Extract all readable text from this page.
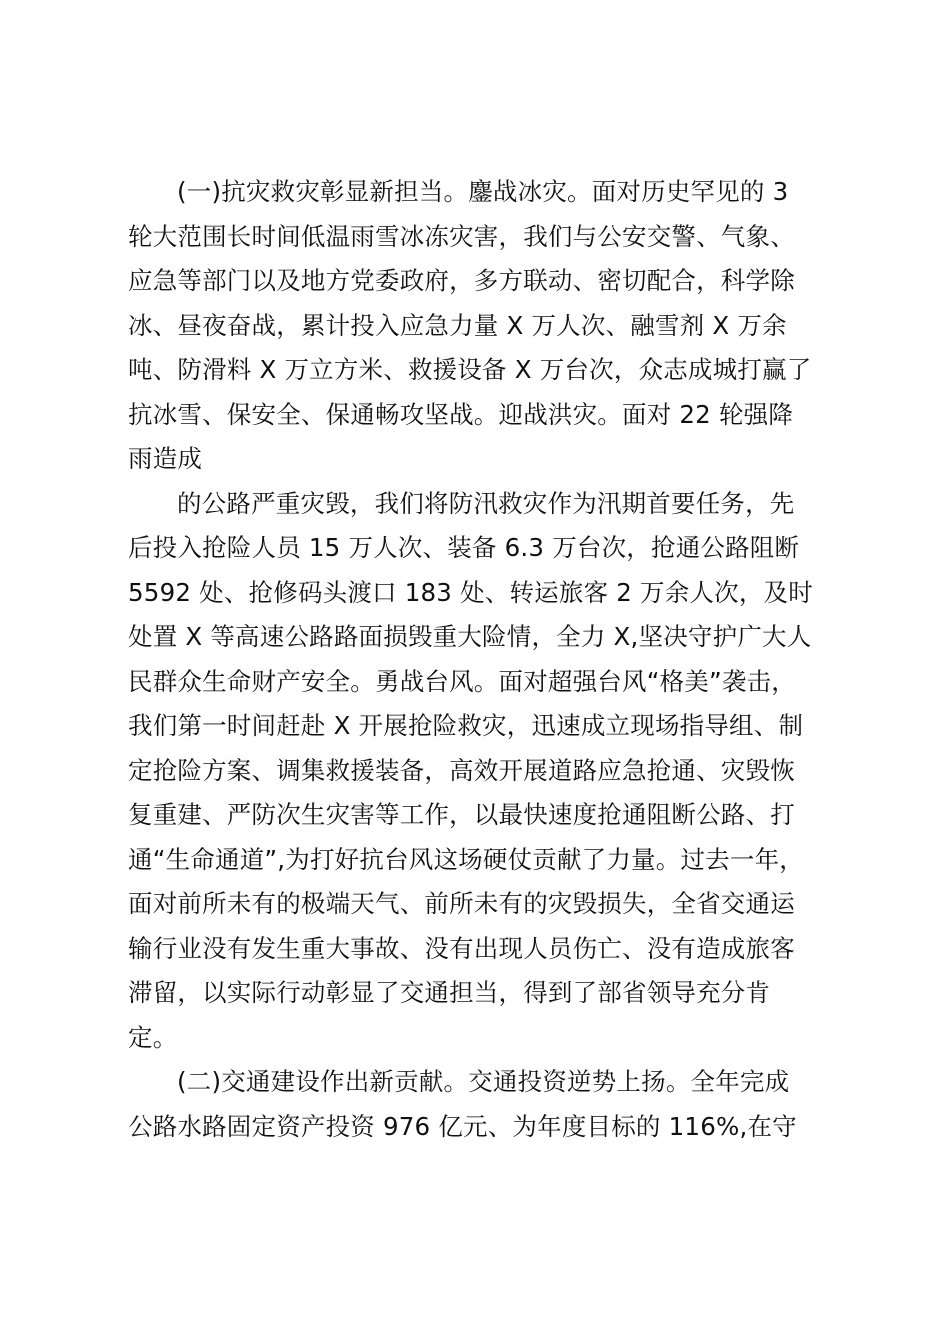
(一)抗灾救灾彰显新担当。鏖战冰灾。面对历史罕见的 3
轮大范围长时间低温雨雪冰冻灾害，我们与公安交警、气象、
应急等部门以及地方党委政府，多方联动、密切配合，科学除
冰、昼夜奋战，累计投入应急力量 X 万人次、融雪剂 X 万余
吨、防滑料 X 万立方米、救援设备 X 万台次，众志成城打赢了
抗冰雪、保安全、保通畅攻坚战。迎战洪灾。面对 22 轮强降
雨造成
的公路严重灾毁，我们将防汛救灾作为汛期首要任务，先
后投入抢险人员 15 万人次、装备 6.3 万台次，抢通公路阻断
5592 处、抢修码头渡口 183 处、转运旅客 2 万余人次，及时
处置 X 等高速公路路面损毁重大险情，全力 X,坚决守护广大人
民群众生命财产安全。勇战台风。面对超强台风“格美”袭击，
我们第一时间赶赴 X 开展抢险救灾，迅速成立现场指导组、制
定抢险方案、调集救援装备，高效开展道路应急抢通、灾毁恢
复重建、严防次生灾害等工作，以最快速度抢通阻断公路、打
通“生命通道”,为打好抗台风这场硬仗贡献了力量。过去一年，
面对前所未有的极端天气、前所未有的灾毁损失，全省交通运
输行业没有发生重大事故、没有出现人员伤亡、没有造成旅客
滞留，以实际行动彰显了交通担当，得到了部省领导充分肯
定。
(二)交通建设作出新贡献。交通投资逆势上扬。全年完成
公路水路固定资产投资 976 亿元、为年度目标的 116%,在守
